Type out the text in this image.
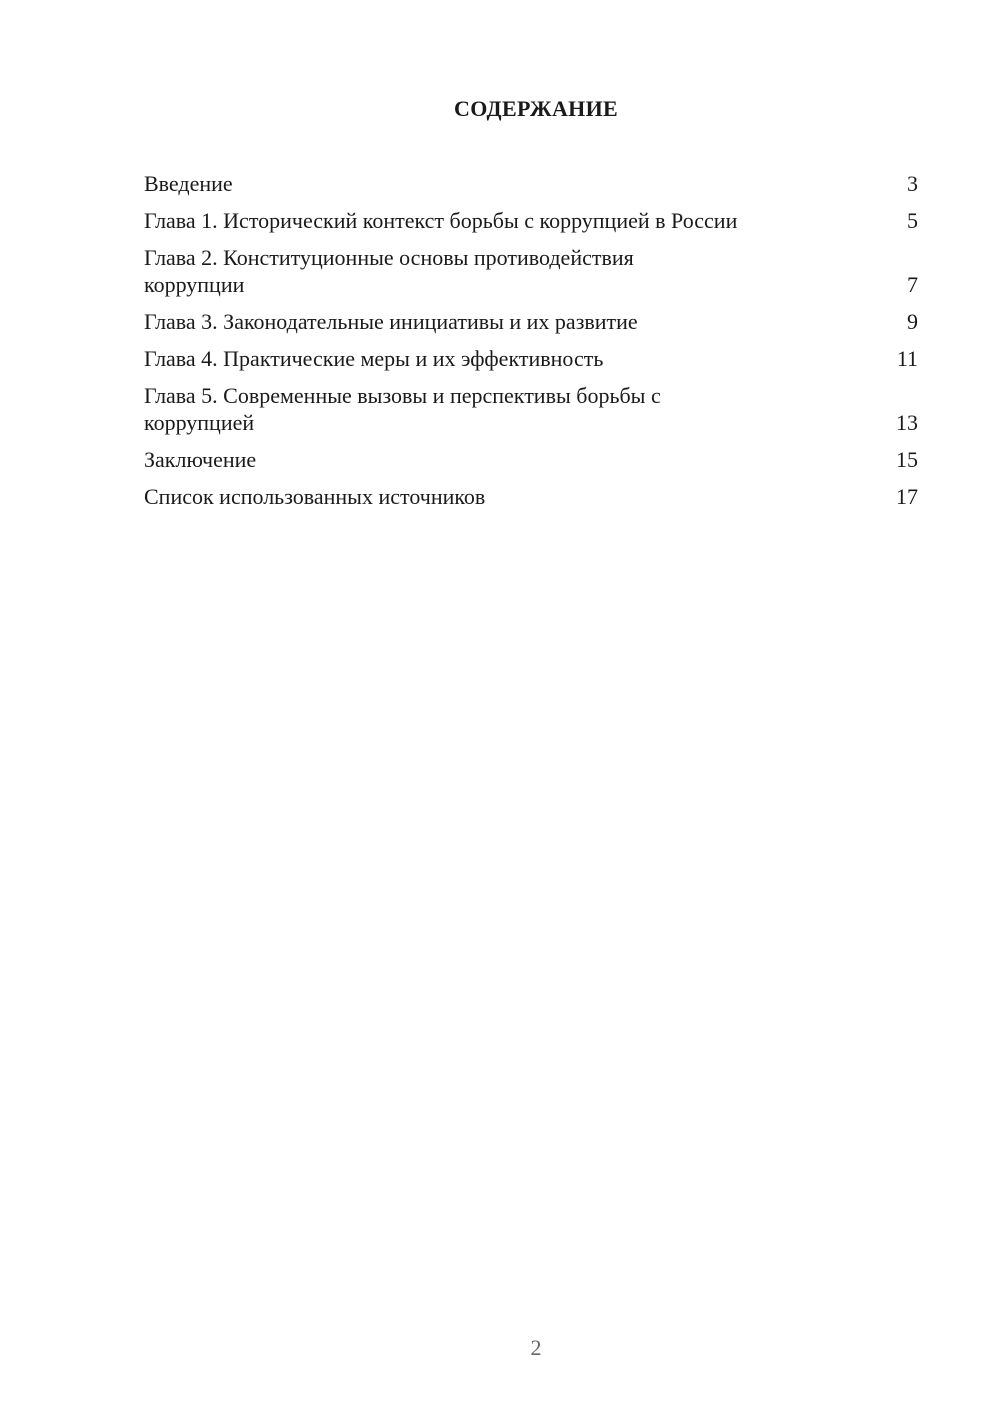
СОДЕРЖАНИЕ
Введение	3
Глава 1. Исторический контекст борьбы с коррупцией в России	5
Глава 2. Конституционные основы противодействия коррупции	7
Глава 3. Законодательные инициативы и их развитие	9
Глава 4. Практические меры и их эффективность	11
Глава 5. Современные вызовы и перспективы борьбы с коррупцией	13
Заключение	15
Список использованных источников	17
2
